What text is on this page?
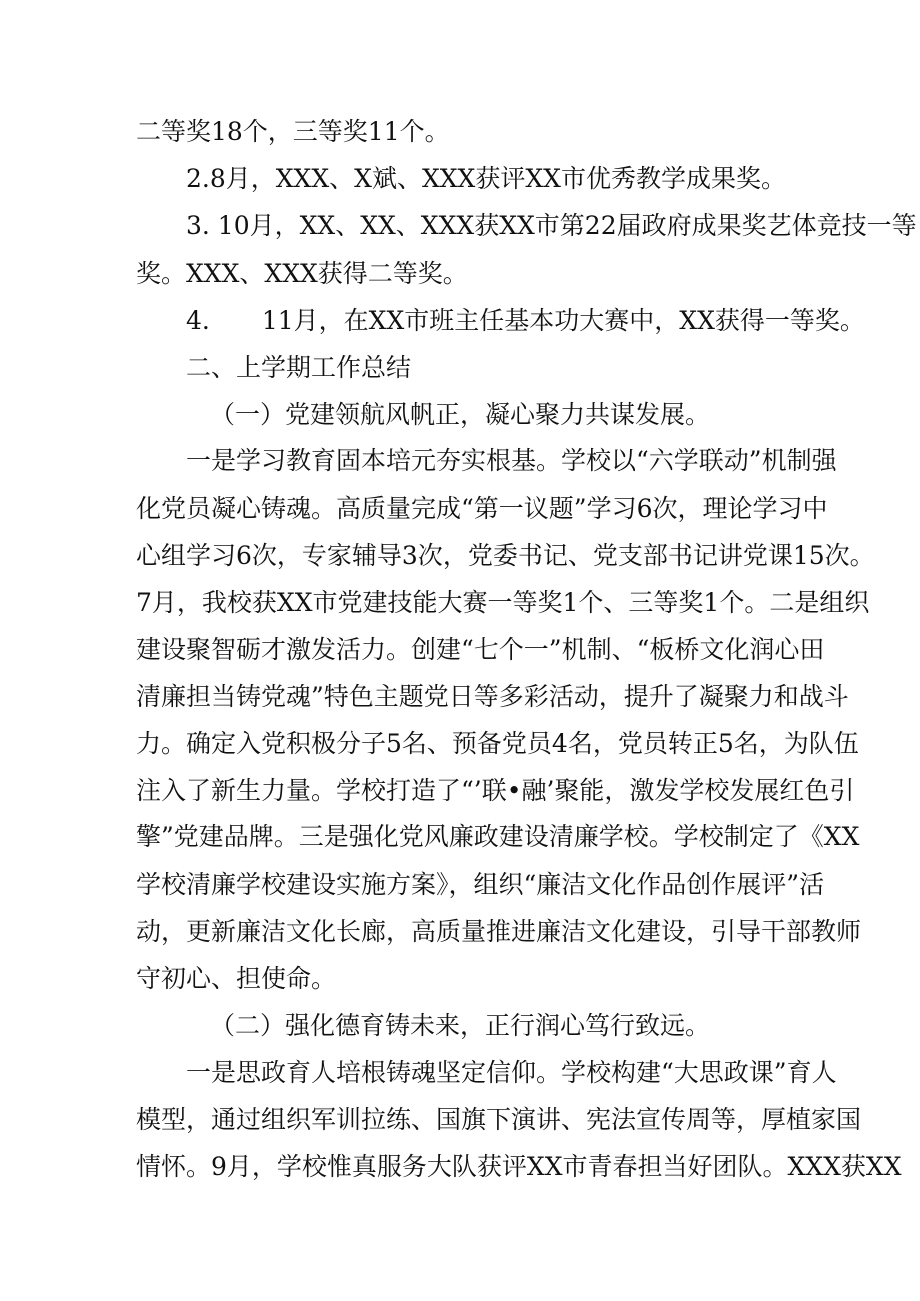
二等奖18个，三等奖11个。
2.8月，XXX、X斌、XXX获评XX市优秀教学成果奖。
3. 10月，XX、XX、XXX获XX市第22届政府成果奖艺体竞技一等
奖。XXX、XXX获得二等奖。
4. 11月，在XX市班主任基本功大赛中，XX获得一等奖。
二、上学期工作总结
（一）党建领航风帆正，凝心聚力共谋发展。
一是学习教育固本培元夯实根基。学校以“六学联动”机制强
化党员凝心铸魂。高质量完成“第一议题”学习6次，理论学习中
心组学习6次，专家辅导3次，党委书记、党支部书记讲党课15次。
7月，我校获XX市党建技能大赛一等奖1个、三等奖1个。二是组织
建设聚智砺才激发活力。创建“七个一”机制、“板桥文化润心田
清廉担当铸党魂”特色主题党日等多彩活动，提升了凝聚力和战斗
力。确定入党积极分子5名、预备党员4名，党员转正5名，为队伍
注入了新生力量。学校打造了“’联•融’聚能，激发学校发展红色引
擎”党建品牌。三是强化党风廉政建设清廉学校。学校制定了《XX
学校清廉学校建设实施方案》，组织“廉洁文化作品创作展评”活
动，更新廉洁文化长廊，高质量推进廉洁文化建设，引导干部教师
守初心、担使命。
（二）强化德育铸未来，正行润心笃行致远。
一是思政育人培根铸魂坚定信仰。学校构建“大思政课”育人
模型，通过组织军训拉练、国旗下演讲、宪法宣传周等，厚植家国
情怀。9月，学校惟真服务大队获评XX市青春担当好团队。XXX获XX
